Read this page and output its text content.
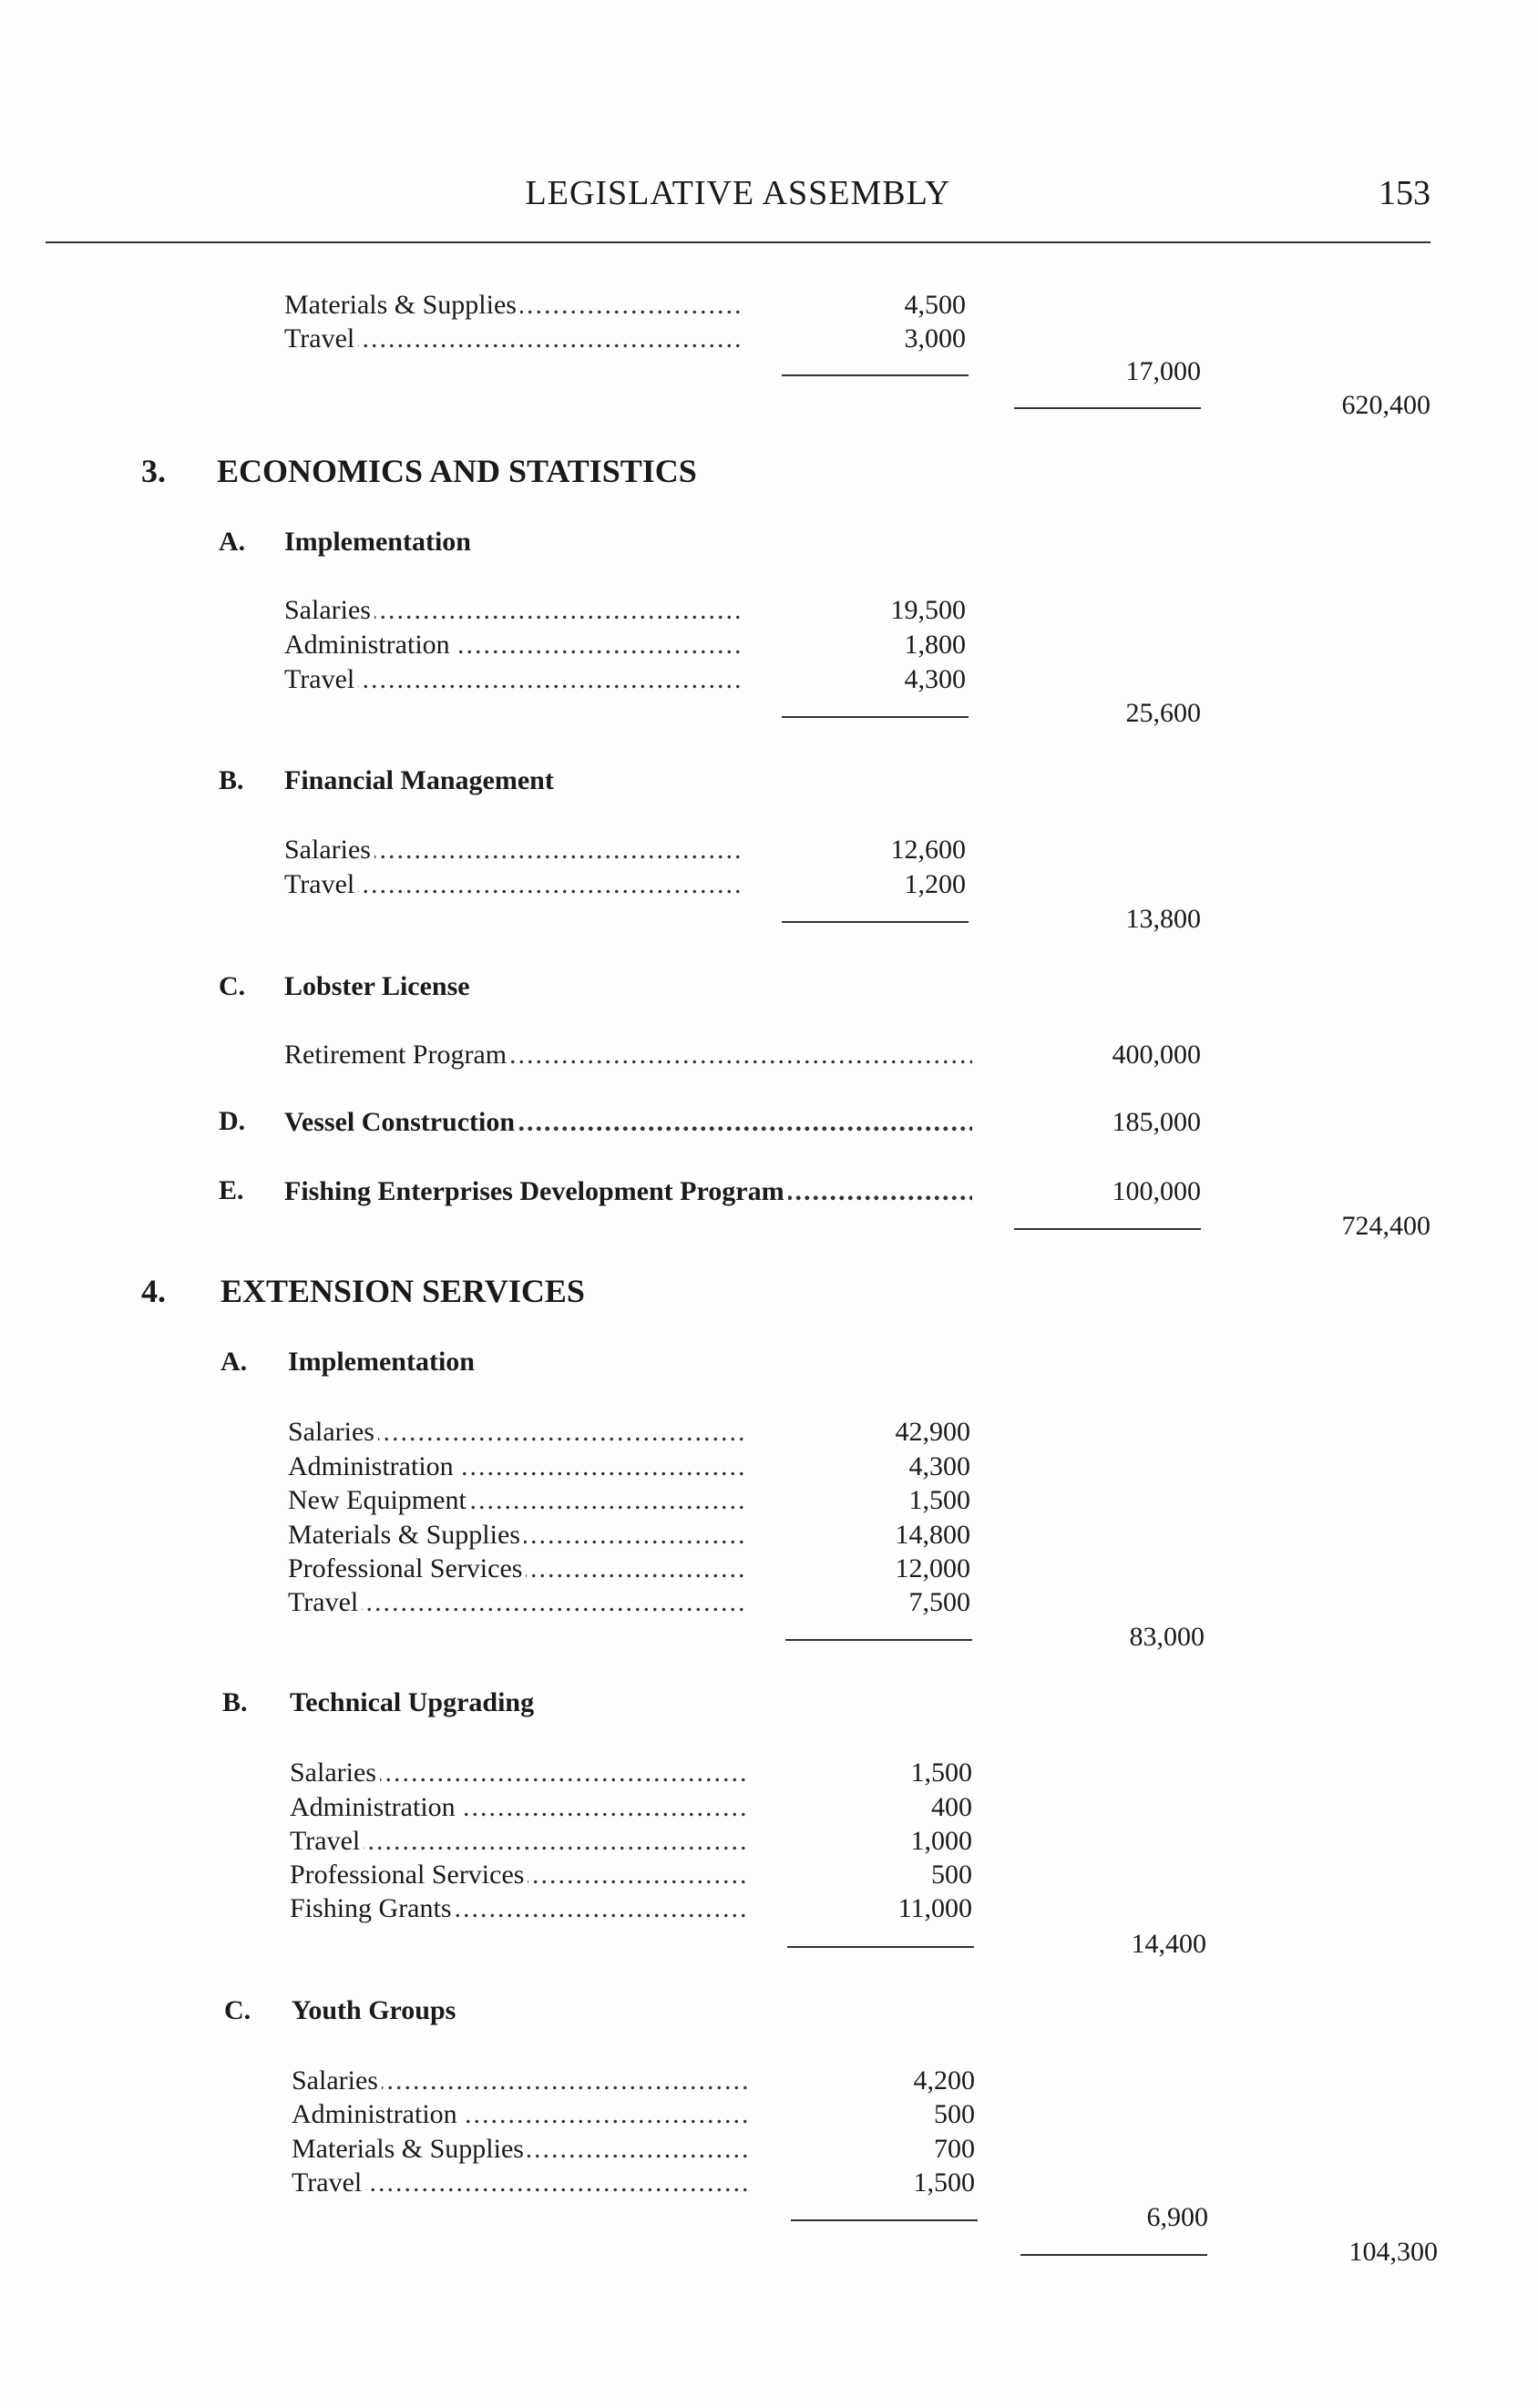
LEGISLATIVE ASSEMBLY	153
Materials & Supplies .....	4,500
Travel .....	3,000
17,000
620,400
3. ECONOMICS AND STATISTICS
A. Implementation
Salaries .....	19,500
Administration .....	1,800
Travel .....	4,300
25,600
B. Financial Management
Salaries .....	12,600
Travel .....	1,200
13,800
C. Lobster License
Retirement Program .....	400,000
D. Vessel Construction .....	185,000
E. Fishing Enterprises Development Program .....	100,000
724,400
4. EXTENSION SERVICES
A. Implementation
Salaries .....	42,900
Administration .....	4,300
New Equipment .....	1,500
Materials & Supplies .....	14,800
Professional Services .....	12,000
Travel .....	7,500
83,000
B. Technical Upgrading
Salaries .....	1,500
Administration .....	400
Travel .....	1,000
Professional Services .....	500
Fishing Grants .....	11,000
14,400
C. Youth Groups
Salaries .....	4,200
Administration .....	500
Materials & Supplies .....	700
Travel .....	1,500
6,900
104,300
